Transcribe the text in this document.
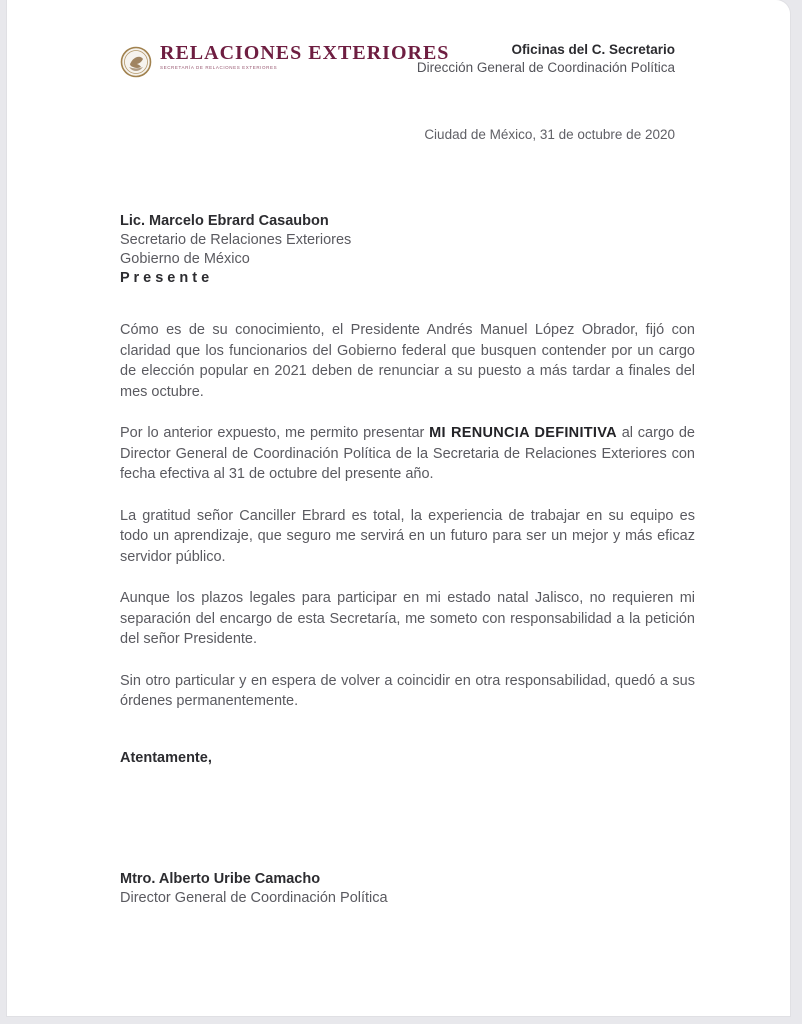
RELACIONES EXTERIORES
SECRETARÍA DE RELACIONES EXTERIORES
Oficinas del C. Secretario
Dirección General de Coordinación Política
Ciudad de México, 31 de octubre de 2020
Lic. Marcelo Ebrard Casaubon
Secretario de Relaciones Exteriores
Gobierno de México
P r e s e n t e

Cómo es de su conocimiento, el Presidente Andrés Manuel López Obrador, fijó con claridad que los funcionarios del Gobierno federal que busquen contender por un cargo de elección popular en 2021 deben de renunciar a su puesto a más tardar a finales del mes octubre.

Por lo anterior expuesto, me permito presentar MI RENUNCIA DEFINITIVA al cargo de Director General de Coordinación Política de la Secretaria de Relaciones Exteriores con fecha efectiva al 31 de octubre del presente año.

La gratitud señor Canciller Ebrard es total, la experiencia de trabajar en su equipo es todo un aprendizaje, que seguro me servirá en un futuro para ser un mejor y más eficaz servidor público.

Aunque los plazos legales para participar en mi estado natal Jalisco, no requieren mi separación del encargo de esta Secretaría, me someto con responsabilidad a la petición del señor Presidente.

Sin otro particular y en espera de volver a coincidir en otra responsabilidad, quedó a sus órdenes permanentemente.

Atentamente,
Mtro. Alberto Uribe Camacho
Director General de Coordinación Política
